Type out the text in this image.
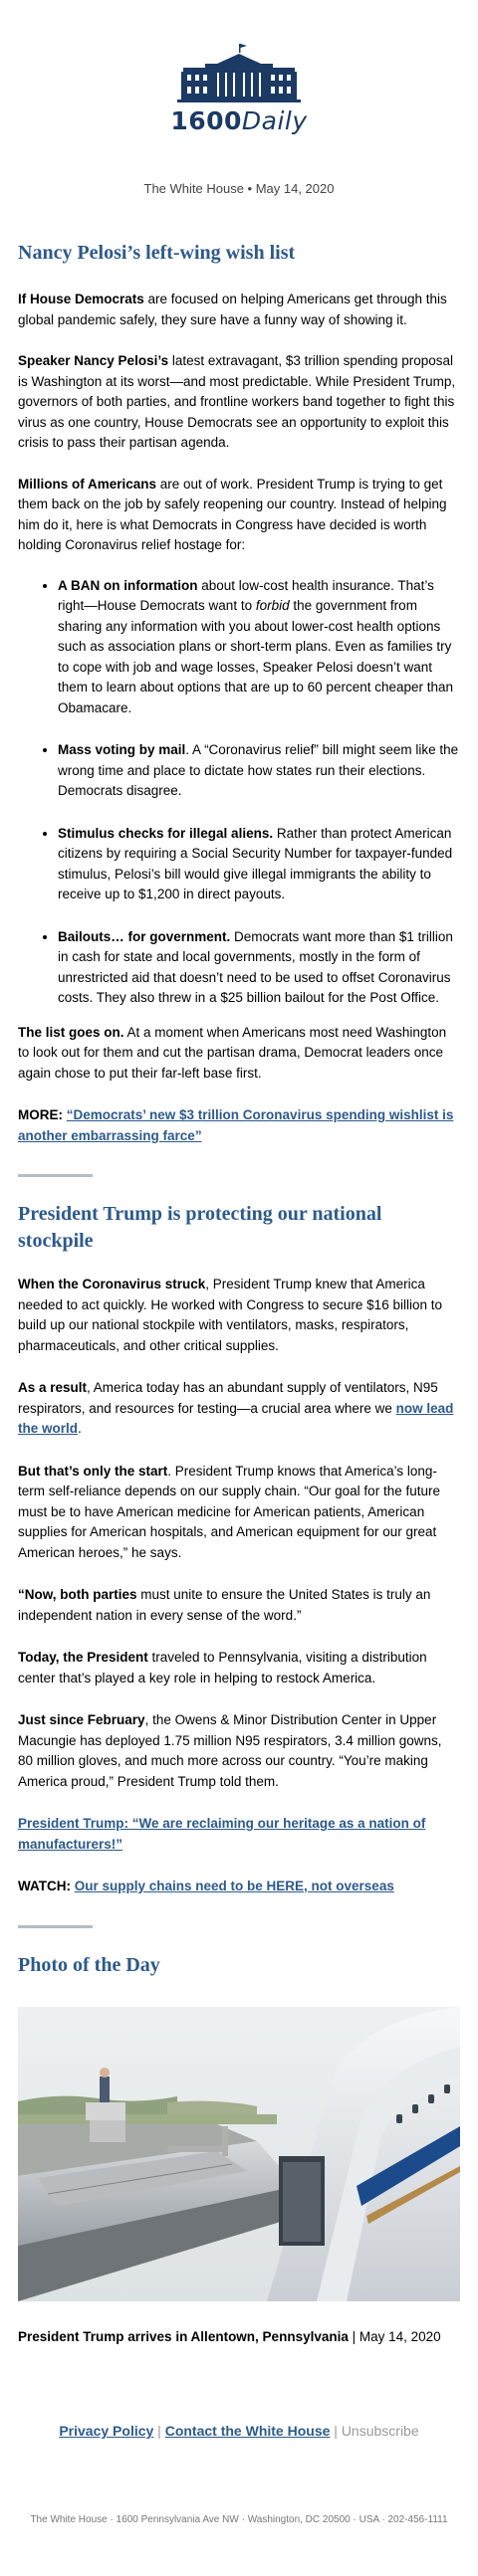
1600Daily
The White House • May 14, 2020
Nancy Pelosi’s left-wing wish list

If House Democrats are focused on helping Americans get through this global pandemic safely, they sure have a funny way of showing it.

Speaker Nancy Pelosi’s latest extravagant, $3 trillion spending proposal is Washington at its worst—and most predictable. While President Trump, governors of both parties, and frontline workers band together to fight this virus as one country, House Democrats see an opportunity to exploit this crisis to pass their partisan agenda.

Millions of Americans are out of work. President Trump is trying to get them back on the job by safely reopening our country. Instead of helping him do it, here is what Democrats in Congress have decided is worth holding Coronavirus relief hostage for:

• A BAN on information about low-cost health insurance. That’s right—House Democrats want to forbid the government from sharing any information with you about lower-cost health options such as association plans or short-term plans. Even as families try to cope with job and wage losses, Speaker Pelosi doesn’t want them to learn about options that are up to 60 percent cheaper than Obamacare.
• Mass voting by mail. A “Coronavirus relief” bill might seem like the wrong time and place to dictate how states run their elections. Democrats disagree.
• Stimulus checks for illegal aliens. Rather than protect American citizens by requiring a Social Security Number for taxpayer-funded stimulus, Pelosi’s bill would give illegal immigrants the ability to receive up to $1,200 in direct payouts.
• Bailouts… for government. Democrats want more than $1 trillion in cash for state and local governments, mostly in the form of unrestricted aid that doesn’t need to be used to offset Coronavirus costs. They also threw in a $25 billion bailout for the Post Office.

The list goes on. At a moment when Americans most need Washington to look out for them and cut the partisan drama, Democrat leaders once again chose to put their far-left base first.

MORE: “Democrats’ new $3 trillion Coronavirus spending wishlist is another embarrassing farce”

President Trump is protecting our national stockpile

When the Coronavirus struck, President Trump knew that America needed to act quickly. He worked with Congress to secure $16 billion to build up our national stockpile with ventilators, masks, respirators, pharmaceuticals, and other critical supplies.

As a result, America today has an abundant supply of ventilators, N95 respirators, and resources for testing—a crucial area where we now lead the world.

But that’s only the start. President Trump knows that America’s long-term self-reliance depends on our supply chain. “Our goal for the future must be to have American medicine for American patients, American supplies for American hospitals, and American equipment for our great American heroes,” he says.

“Now, both parties must unite to ensure the United States is truly an independent nation in every sense of the word.”

Today, the President traveled to Pennsylvania, visiting a distribution center that’s played a key role in helping to restock America.

Just since February, the Owens & Minor Distribution Center in Upper Macungie has deployed 1.75 million N95 respirators, 3.4 million gowns, 80 million gloves, and much more across our country. “You’re making America proud,” President Trump told them.

President Trump: “We are reclaiming our heritage as a nation of manufacturers!”

WATCH: Our supply chains need to be HERE, not overseas

Photo of the Day

President Trump arrives in Allentown, Pennsylvania | May 14, 2020

Privacy Policy | Contact the White House | Unsubscribe
The White House · 1600 Pennsylvania Ave NW · Washington, DC 20500 · USA · 202-456-1111
